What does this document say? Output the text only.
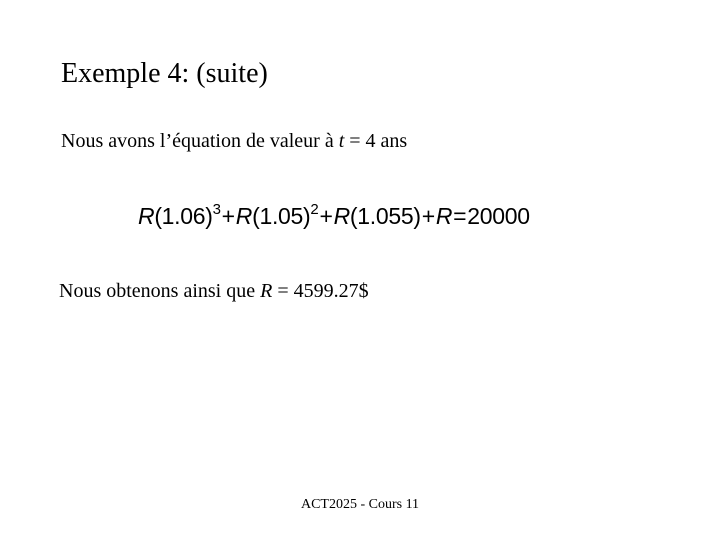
Exemple 4: (suite)
Nous avons l’équation de valeur à t = 4 ans
$R(1.06)^3+R(1.05)^2+R(1.055)+R=20000$
Nous obtenons ainsi que R = 4599.27$
ACT2025 - Cours 11
